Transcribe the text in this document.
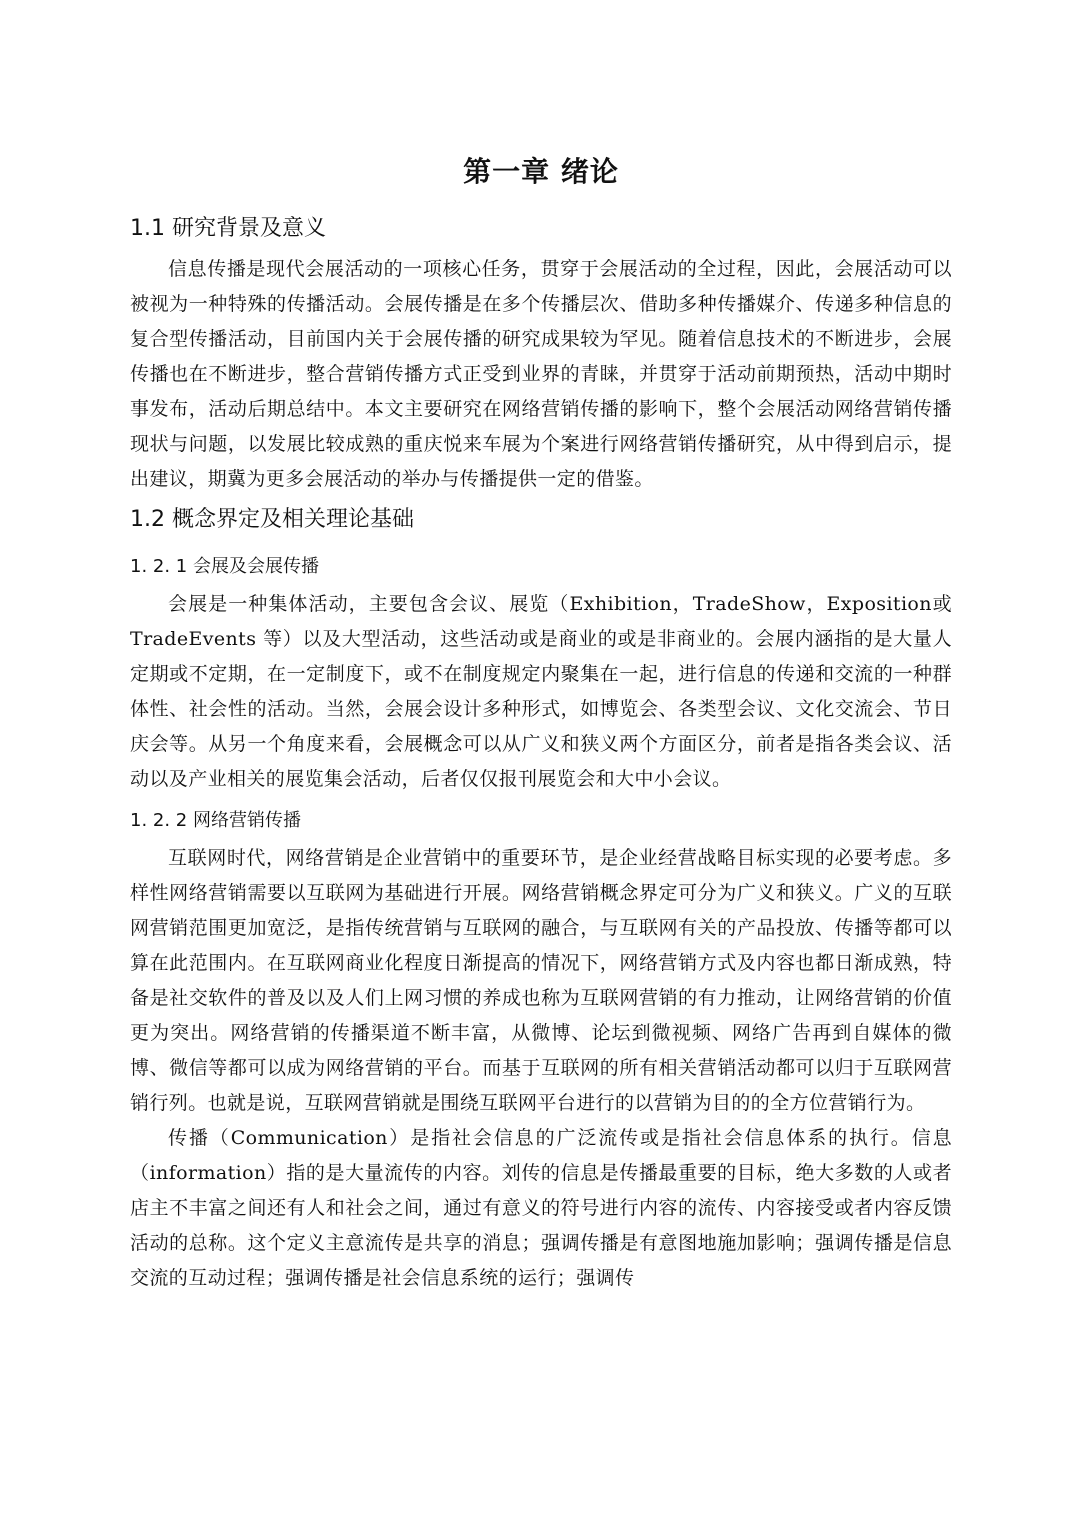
第一章 绪论
1.1 研究背景及意义

信息传播是现代会展活动的一项核心任务，贯穿于会展活动的全过程，因此，会展活动可以被视为一种特殊的传播活动。会展传播是在多个传播层次、借助多种传播媒介、传递多种信息的复合型传播活动，目前国内关于会展传播的研究成果较为罕见。随着信息技术的不断进步，会展传播也在不断进步，整合营销传播方式正受到业界的青睐，并贯穿于活动前期预热，活动中期时事发布，活动后期总结中。本文主要研究在网络营销传播的影响下，整个会展活动网络营销传播现状与问题，以发展比较成熟的重庆悦来车展为个案进行网络营销传播研究，从中得到启示，提出建议，期冀为更多会展活动的举办与传播提供一定的借鉴。

1.2 概念界定及相关理论基础
1. 2. 1 会展及会展传播

会展是一种集体活动，主要包含会议、展览（Exhibition，TradeShow，Exposition或 TradeEvents 等）以及大型活动，这些活动或是商业的或是非商业的。会展内涵指的是大量人定期或不定期，在一定制度下，或不在制度规定内聚集在一起，进行信息的传递和交流的一种群体性、社会性的活动。当然，会展会设计多种形式，如博览会、各类型会议、文化交流会、节日庆会等。从另一个角度来看，会展概念可以从广义和狭义两个方面区分，前者是指各类会议、活动以及产业相关的展览集会活动，后者仅仅报刊展览会和大中小会议。

1. 2. 2 网络营销传播

互联网时代，网络营销是企业营销中的重要环节，是企业经营战略目标实现的必要考虑。多样性网络营销需要以互联网为基础进行开展。网络营销概念界定可分为广义和狭义。广义的互联网营销范围更加宽泛，是指传统营销与互联网的融合，与互联网有关的产品投放、传播等都可以算在此范围内。在互联网商业化程度日渐提高的情况下，网络营销方式及内容也都日渐成熟，特备是社交软件的普及以及人们上网习惯的养成也称为互联网营销的有力推动，让网络营销的价值更为突出。网络营销的传播渠道不断丰富，从微博、论坛到微视频、网络广告再到自媒体的微博、微信等都可以成为网络营销的平台。而基于互联网的所有相关营销活动都可以归于互联网营销行列。也就是说，互联网营销就是围绕互联网平台进行的以营销为目的的全方位营销行为。

传播（Communication）是指社会信息的广泛流传或是指社会信息体系的执行。信息（information）指的是大量流传的内容。刘传的信息是传播最重要的目标，绝大多数的人或者店主不丰富之间还有人和社会之间，通过有意义的符号进行内容的流传、内容接受或者内容反馈活动的总称。这个定义主意流传是共享的消息；强调传播是有意图地施加影响；强调传播是信息交流的互动过程；强调传播是社会信息系统的运行；强调传
